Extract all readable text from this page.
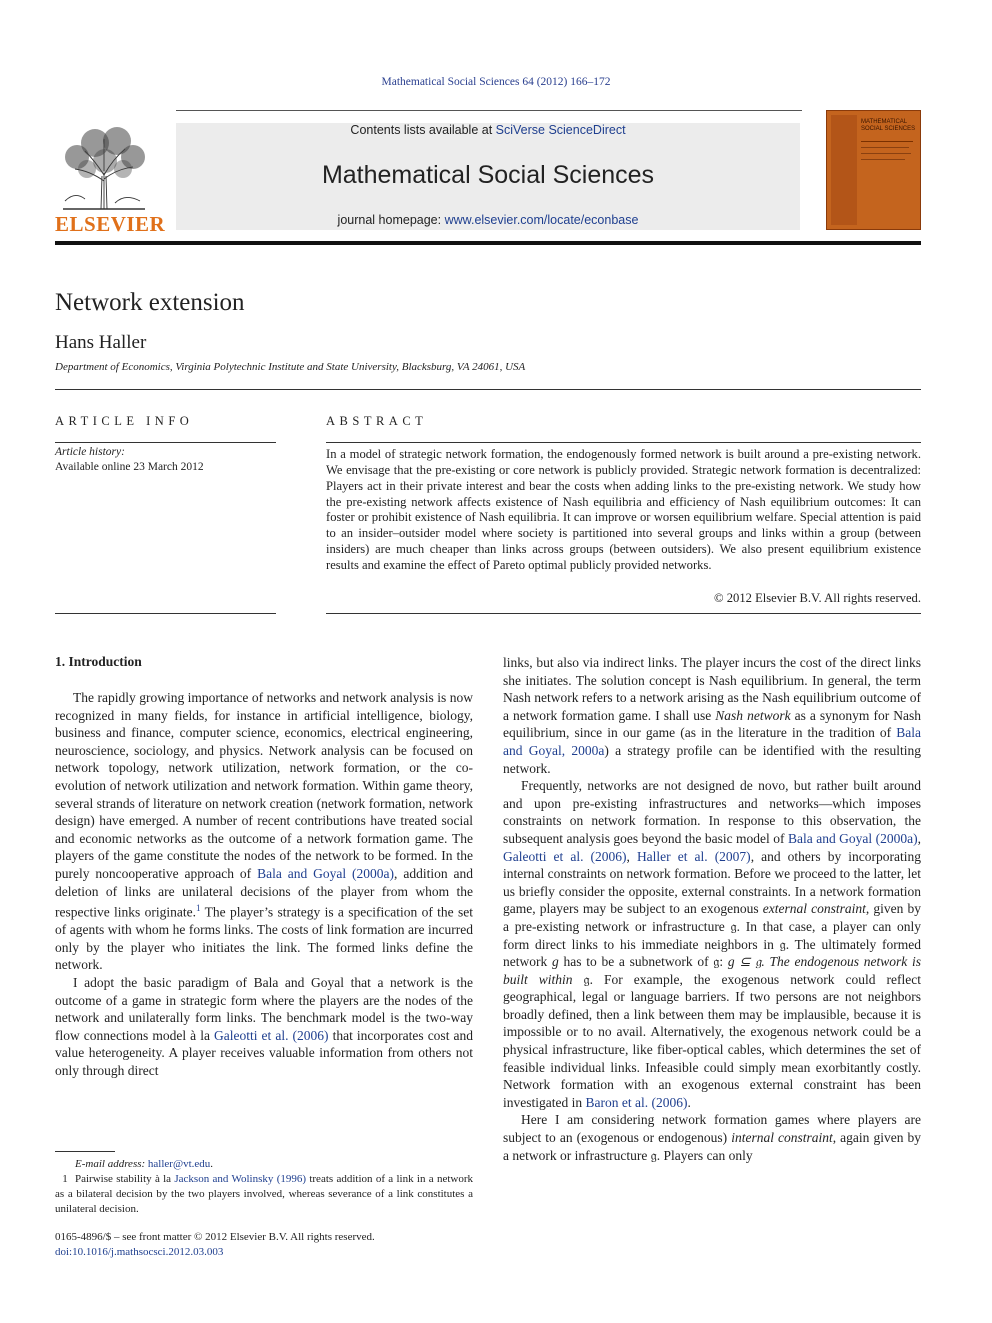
Mathematical Social Sciences 64 (2012) 166–172
ELSEVIER
Contents lists available at SciVerse ScienceDirect
Mathematical Social Sciences
journal homepage: www.elsevier.com/locate/econbase
MATHEMATICAL SOCIAL SCIENCES
Network extension
Hans Haller
Department of Economics, Virginia Polytechnic Institute and State University, Blacksburg, VA 24061, USA
ARTICLE INFO
Article history:
Available online 23 March 2012
ABSTRACT
In a model of strategic network formation, the endogenously formed network is built around a pre-existing network. We envisage that the pre-existing or core network is publicly provided. Strategic network formation is decentralized: Players act in their private interest and bear the costs when adding links to the pre-existing network. We study how the pre-existing network affects existence of Nash equilibria and efficiency of Nash equilibrium outcomes: It can foster or prohibit existence of Nash equilibria. It can improve or worsen equilibrium welfare. Special attention is paid to an insider–outsider model where society is partitioned into several groups and links within a group (between insiders) are much cheaper than links across groups (between outsiders). We also present equilibrium existence results and examine the effect of Pareto optimal publicly provided networks.
© 2012 Elsevier B.V. All rights reserved.
1. Introduction

The rapidly growing importance of networks and network analysis is now recognized in many fields, for instance in artificial intelligence, biology, business and finance, computer science, economics, electrical engineering, neuroscience, sociology, and physics. Network analysis can be focused on network topology, network utilization, network formation, or the co-evolution of network utilization and network formation. Within game theory, several strands of literature on network creation (network formation, network design) have emerged. A number of recent contributions have treated social and economic networks as the outcome of a network formation game. The players of the game constitute the nodes of the network to be formed. In the purely noncooperative approach of Bala and Goyal (2000a), addition and deletion of links are unilateral decisions of the player from whom the respective links originate.$^1$ The player’s strategy is a specification of the set of agents with whom he forms links. The costs of link formation are incurred only by the player who initiates the link. The formed links define the network.

I adopt the basic paradigm of Bala and Goyal that a network is the outcome of a game in strategic form where the players are the nodes of the network and unilaterally form links. The benchmark model is the two-way flow connections model à la Galeotti et al. (2006) that incorporates cost and value heterogeneity. A player receives valuable information from others not only through direct

links, but also via indirect links. The player incurs the cost of the direct links she initiates. The solution concept is Nash equilibrium. In general, the term Nash network refers to a network arising as the Nash equilibrium outcome of a network formation game. I shall use Nash network as a synonym for Nash equilibrium, since in our game (as in the literature in the tradition of Bala and Goyal, 2000a) a strategy profile can be identified with the resulting network.

Frequently, networks are not designed de novo, but rather built around and upon pre-existing infrastructures and networks—which imposes constraints on network formation. In response to this observation, the subsequent analysis goes beyond the basic model of Bala and Goyal (2000a), Galeotti et al. (2006), Haller et al. (2007), and others by incorporating internal constraints on network formation. Before we proceed to the latter, let us briefly consider the opposite, external constraints. In a network formation game, players may be subject to an exogenous external constraint, given by a pre-existing network or infrastructure 𝔤. In that case, a player can only form direct links to his immediate neighbors in 𝔤. The ultimately formed network g has to be a subnetwork of 𝔤: g ⊆ 𝔤. The endogenous network is built within 𝔤. For example, the exogenous network could reflect geographical, legal or language barriers. If two persons are not neighbors broadly defined, then a link between them may be implausible, because it is impossible or to no avail. Alternatively, the exogenous network could be a physical infrastructure, like fiber-optical cables, which determines the set of feasible individual links. Infeasible could simply mean exorbitantly costly. Network formation with an exogenous external constraint has been investigated in Baron et al. (2006).

Here I am considering network formation games where players are subject to an (exogenous or endogenous) internal constraint, again given by a network or infrastructure 𝔤. Players can only

E-mail address: haller@vt.edu.
1 Pairwise stability à la Jackson and Wolinsky (1996) treats addition of a link in a network as a bilateral decision by the two players involved, whereas severance of a link constitutes a unilateral decision.
0165-4896/$ – see front matter © 2012 Elsevier B.V. All rights reserved.
doi:10.1016/j.mathsocsci.2012.03.003
